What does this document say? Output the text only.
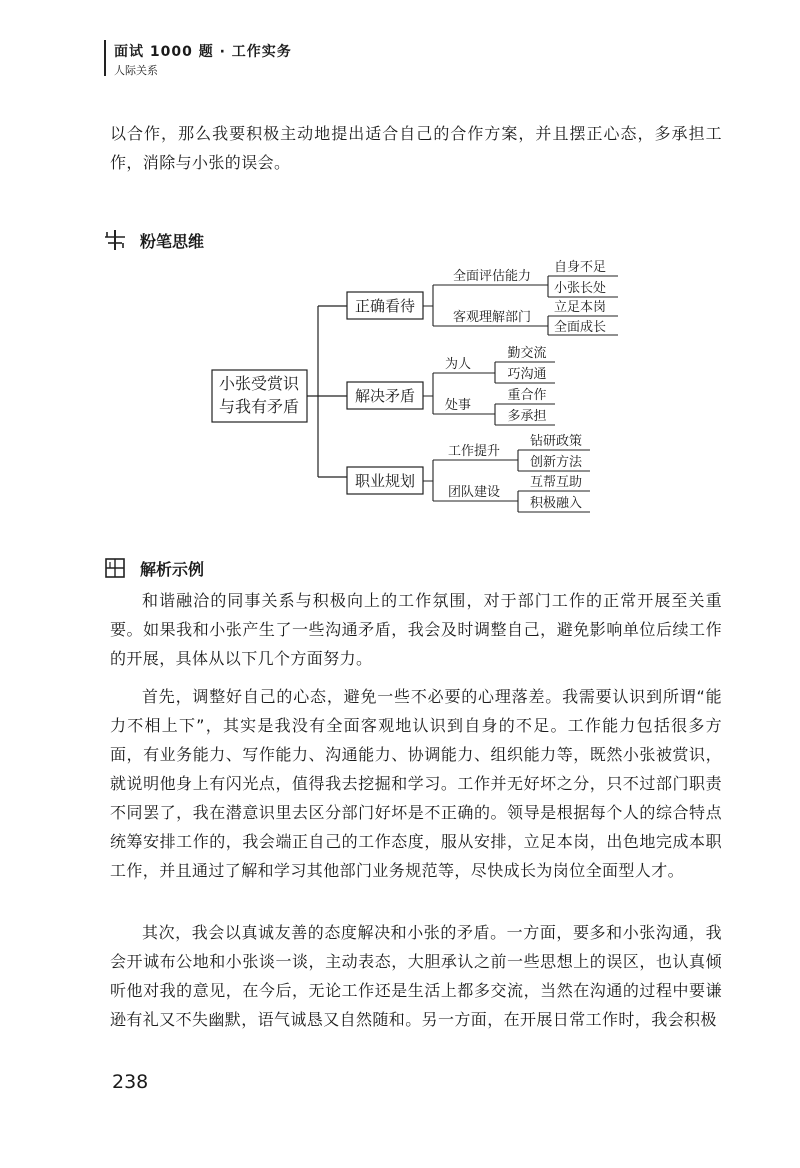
面试 1000 题 · 工作实务
人际关系

以合作，那么我要积极主动地提出适合自己的合作方案，并且摆正心态，多承担工作，消除与小张的误会。

粉笔思维
小张受赏识
与我有矛盾
正确看待
全面评估能力
客观理解部门
自身不足
小张长处
立足本岗
全面成长
解决矛盾
为人
处事
勤交流
巧沟通
重合作
多承担
职业规划
工作提升
团队建设
钻研政策
创新方法
互帮互助
积极融入
解析示例

和谐融洽的同事关系与积极向上的工作氛围，对于部门工作的正常开展至关重要。如果我和小张产生了一些沟通矛盾，我会及时调整自己，避免影响单位后续工作的开展，具体从以下几个方面努力。

首先，调整好自己的心态，避免一些不必要的心理落差。我需要认识到所谓“能力不相上下”，其实是我没有全面客观地认识到自身的不足。工作能力包括很多方面，有业务能力、写作能力、沟通能力、协调能力、组织能力等，既然小张被赏识，就说明他身上有闪光点，值得我去挖掘和学习。工作并无好坏之分，只不过部门职责不同罢了，我在潜意识里去区分部门好坏是不正确的。领导是根据每个人的综合特点统筹安排工作的，我会端正自己的工作态度，服从安排，立足本岗，出色地完成本职工作，并且通过了解和学习其他部门业务规范等，尽快成长为岗位全面型人才。

其次，我会以真诚友善的态度解决和小张的矛盾。一方面，要多和小张沟通，我会开诚布公地和小张谈一谈，主动表态，大胆承认之前一些思想上的误区，也认真倾听他对我的意见，在今后，无论工作还是生活上都多交流，当然在沟通的过程中要谦逊有礼又不失幽默，语气诚恳又自然随和。另一方面，在开展日常工作时，我会积极

238
